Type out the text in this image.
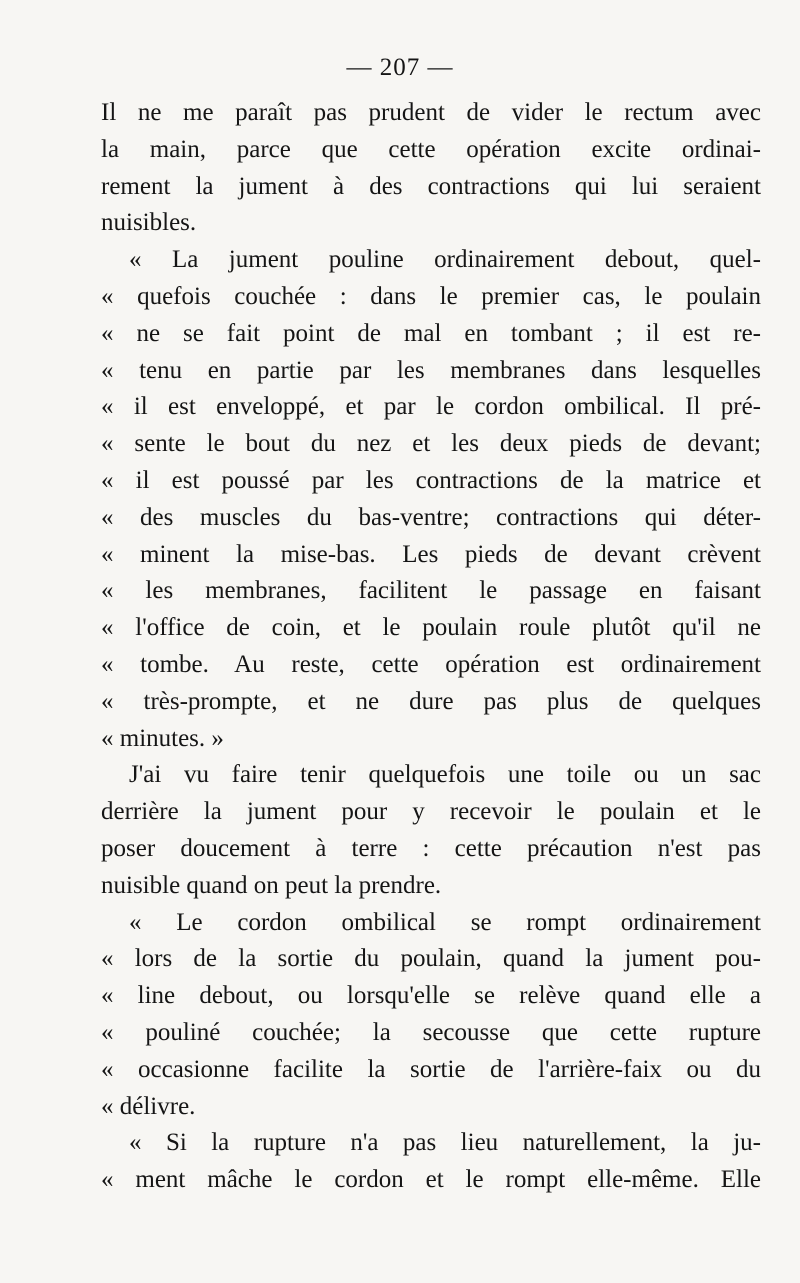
— 207 —
Il ne me paraît pas prudent de vider le rectum avec
la main, parce que cette opération excite ordinai-
rement la jument à des contractions qui lui seraient
nuisibles.
« La jument pouline ordinairement debout, quel-
« quefois couchée : dans le premier cas, le poulain
« ne se fait point de mal en tombant ; il est re-
« tenu en partie par les membranes dans lesquelles
« il est enveloppé, et par le cordon ombilical. Il pré-
« sente le bout du nez et les deux pieds de devant;
« il est poussé par les contractions de la matrice et
« des muscles du bas-ventre; contractions qui déter-
« minent la mise-bas. Les pieds de devant crèvent
« les membranes, facilitent le passage en faisant
« l'office de coin, et le poulain roule plutôt qu'il ne
« tombe. Au reste, cette opération est ordinairement
« très-prompte, et ne dure pas plus de quelques
« minutes. »
J'ai vu faire tenir quelquefois une toile ou un sac
derrière la jument pour y recevoir le poulain et le
poser doucement à terre : cette précaution n'est pas
nuisible quand on peut la prendre.
« Le cordon ombilical se rompt ordinairement
« lors de la sortie du poulain, quand la jument pou-
« line debout, ou lorsqu'elle se relève quand elle a
« pouliné couchée; la secousse que cette rupture
« occasionne facilite la sortie de l'arrière-faix ou du
« délivre.
« Si la rupture n'a pas lieu naturellement, la ju-
« ment mâche le cordon et le rompt elle-même. Elle
